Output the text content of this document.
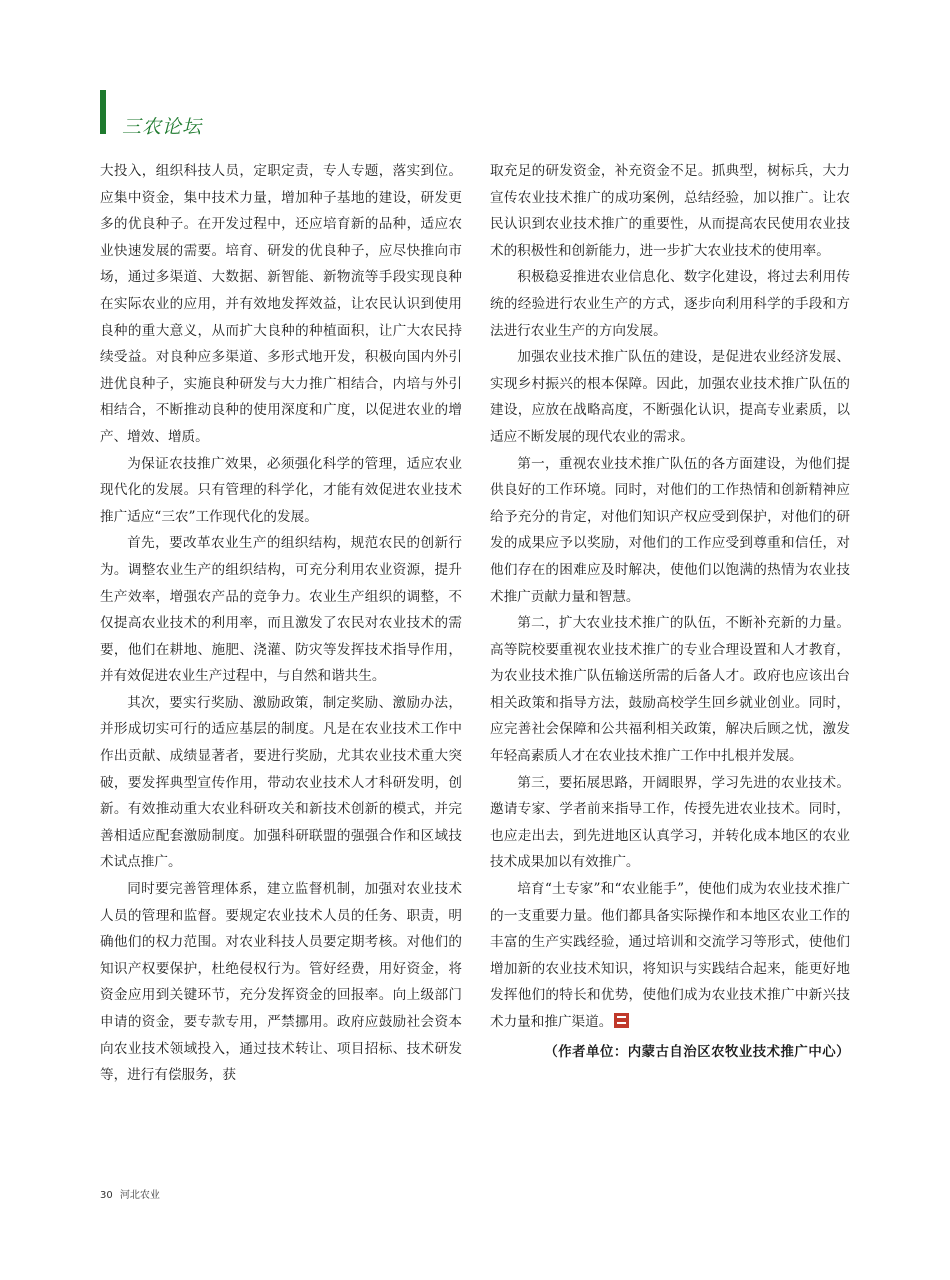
三农论坛

大投入，组织科技人员，定职定责，专人专题，落实到位。应集中资金，集中技术力量，增加种子基地的建设，研发更多的优良种子。在开发过程中，还应培育新的品种，适应农业快速发展的需要。培育、研发的优良种子，应尽快推向市场，通过多渠道、大数据、新智能、新物流等手段实现良种在实际农业的应用，并有效地发挥效益，让农民认识到使用良种的重大意义，从而扩大良种的种植面积，让广大农民持续受益。对良种应多渠道、多形式地开发，积极向国内外引进优良种子，实施良种研发与大力推广相结合，内培与外引相结合，不断推动良种的使用深度和广度，以促进农业的增产、增效、增质。

为保证农技推广效果，必须强化科学的管理，适应农业现代化的发展。只有管理的科学化，才能有效促进农业技术推广适应“三农”工作现代化的发展。

首先，要改革农业生产的组织结构，规范农民的创新行为。调整农业生产的组织结构，可充分利用农业资源，提升生产效率，增强农产品的竞争力。农业生产组织的调整，不仅提高农业技术的利用率，而且激发了农民对农业技术的需要，他们在耕地、施肥、浇灌、防灾等发挥技术指导作用，并有效促进农业生产过程中，与自然和谐共生。

其次，要实行奖励、激励政策，制定奖励、激励办法，并形成切实可行的适应基层的制度。凡是在农业技术工作中作出贡献、成绩显著者，要进行奖励，尤其农业技术重大突破，要发挥典型宣传作用，带动农业技术人才科研发明，创新。有效推动重大农业科研攻关和新技术创新的模式，并完善相适应配套激励制度。加强科研联盟的强强合作和区域技术试点推广。

同时要完善管理体系，建立监督机制，加强对农业技术人员的管理和监督。要规定农业技术人员的任务、职责，明确他们的权力范围。对农业科技人员要定期考核。对他们的知识产权要保护，杜绝侵权行为。管好经费，用好资金，将资金应用到关键环节，充分发挥资金的回报率。向上级部门申请的资金，要专款专用，严禁挪用。政府应鼓励社会资本向农业技术领域投入，通过技术转让、项目招标、技术研发等，进行有偿服务，获

取充足的研发资金，补充资金不足。抓典型，树标兵，大力宣传农业技术推广的成功案例，总结经验，加以推广。让农民认识到农业技术推广的重要性，从而提高农民使用农业技术的积极性和创新能力，进一步扩大农业技术的使用率。

积极稳妥推进农业信息化、数字化建设，将过去利用传统的经验进行农业生产的方式，逐步向利用科学的手段和方法进行农业生产的方向发展。

加强农业技术推广队伍的建设，是促进农业经济发展、实现乡村振兴的根本保障。因此，加强农业技术推广队伍的建设，应放在战略高度，不断强化认识，提高专业素质，以适应不断发展的现代农业的需求。

第一，重视农业技术推广队伍的各方面建设，为他们提供良好的工作环境。同时，对他们的工作热情和创新精神应给予充分的肯定，对他们知识产权应受到保护，对他们的研发的成果应予以奖励，对他们的工作应受到尊重和信任，对他们存在的困难应及时解决，使他们以饱满的热情为农业技术推广贡献力量和智慧。

第二，扩大农业技术推广的队伍，不断补充新的力量。高等院校要重视农业技术推广的专业合理设置和人才教育，为农业技术推广队伍输送所需的后备人才。政府也应该出台相关政策和指导方法，鼓励高校学生回乡就业创业。同时，应完善社会保障和公共福利相关政策，解决后顾之忧，激发年轻高素质人才在农业技术推广工作中扎根并发展。

第三，要拓展思路，开阔眼界，学习先进的农业技术。邀请专家、学者前来指导工作，传授先进农业技术。同时，也应走出去，到先进地区认真学习，并转化成本地区的农业技术成果加以有效推广。

培育“土专家”和“农业能手”，使他们成为农业技术推广的一支重要力量。他们都具备实际操作和本地区农业工作的丰富的生产实践经验，通过培训和交流学习等形式，使他们增加新的农业技术知识，将知识与实践结合起来，能更好地发挥他们的特长和优势，使他们成为农业技术推广中新兴技术力量和推广渠道。

（作者单位：内蒙古自治区农牧业技术推广中心）
30 河北农业
